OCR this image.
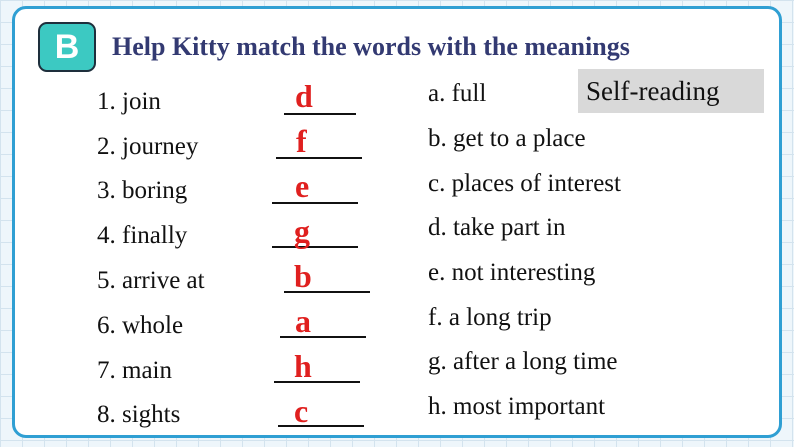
B	Help Kitty match the words with the meanings
Self-reading
1. join
2. journey
3. boring
4. finally
5. arrive at
6. whole
7. main
8. sights
d
f
e
g
b
a
h
c
a. full
b. get to a place
c. places of interest
d. take part in
e. not interesting
f. a long trip
g. after a long time
h. most important
